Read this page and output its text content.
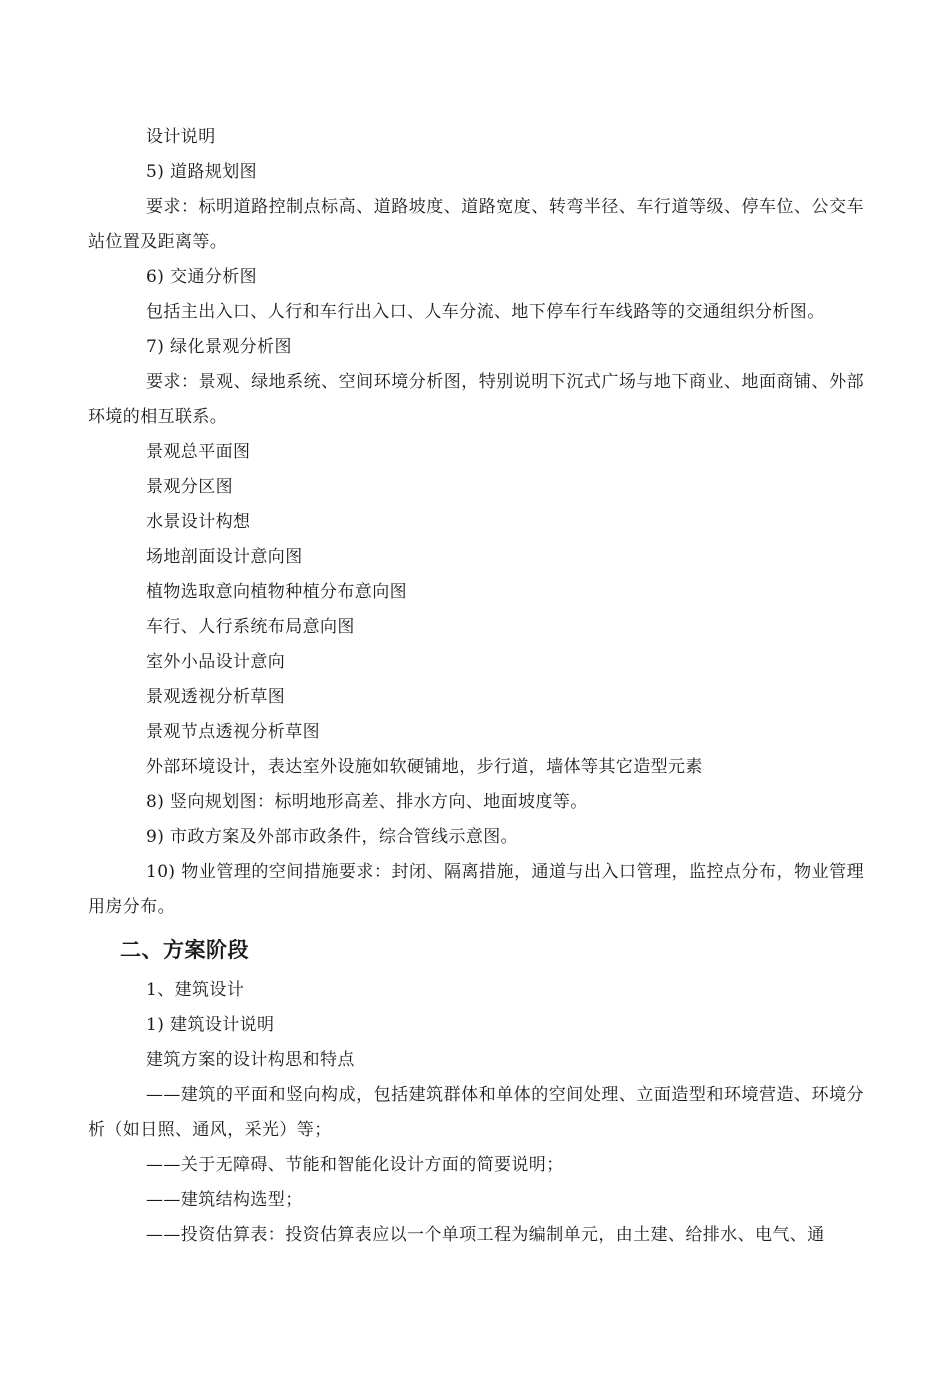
设计说明
5) 道路规划图
要求：标明道路控制点标高、道路坡度、道路宽度、转弯半径、车行道等级、停车位、公交车站位置及距离等。
6) 交通分析图
包括主出入口、人行和车行出入口、人车分流、地下停车行车线路等的交通组织分析图。
7) 绿化景观分析图
要求：景观、绿地系统、空间环境分析图，特别说明下沉式广场与地下商业、地面商铺、外部环境的相互联系。
景观总平面图
景观分区图
水景设计构想
场地剖面设计意向图
植物选取意向植物种植分布意向图
车行、人行系统布局意向图
室外小品设计意向
景观透视分析草图
景观节点透视分析草图
外部环境设计，表达室外设施如软硬铺地，步行道，墙体等其它造型元素
8) 竖向规划图：标明地形高差、排水方向、地面坡度等。
9) 市政方案及外部市政条件，综合管线示意图。
10) 物业管理的空间措施要求：封闭、隔离措施，通道与出入口管理，监控点分布，物业管理用房分布。
二、方案阶段
1、建筑设计
1) 建筑设计说明
建筑方案的设计构思和特点
——建筑的平面和竖向构成，包括建筑群体和单体的空间处理、立面造型和环境营造、环境分析（如日照、通风，采光）等；
——关于无障碍、节能和智能化设计方面的简要说明；
——建筑结构选型；
——投资估算表：投资估算表应以一个单项工程为编制单元，由土建、给排水、电气、通
